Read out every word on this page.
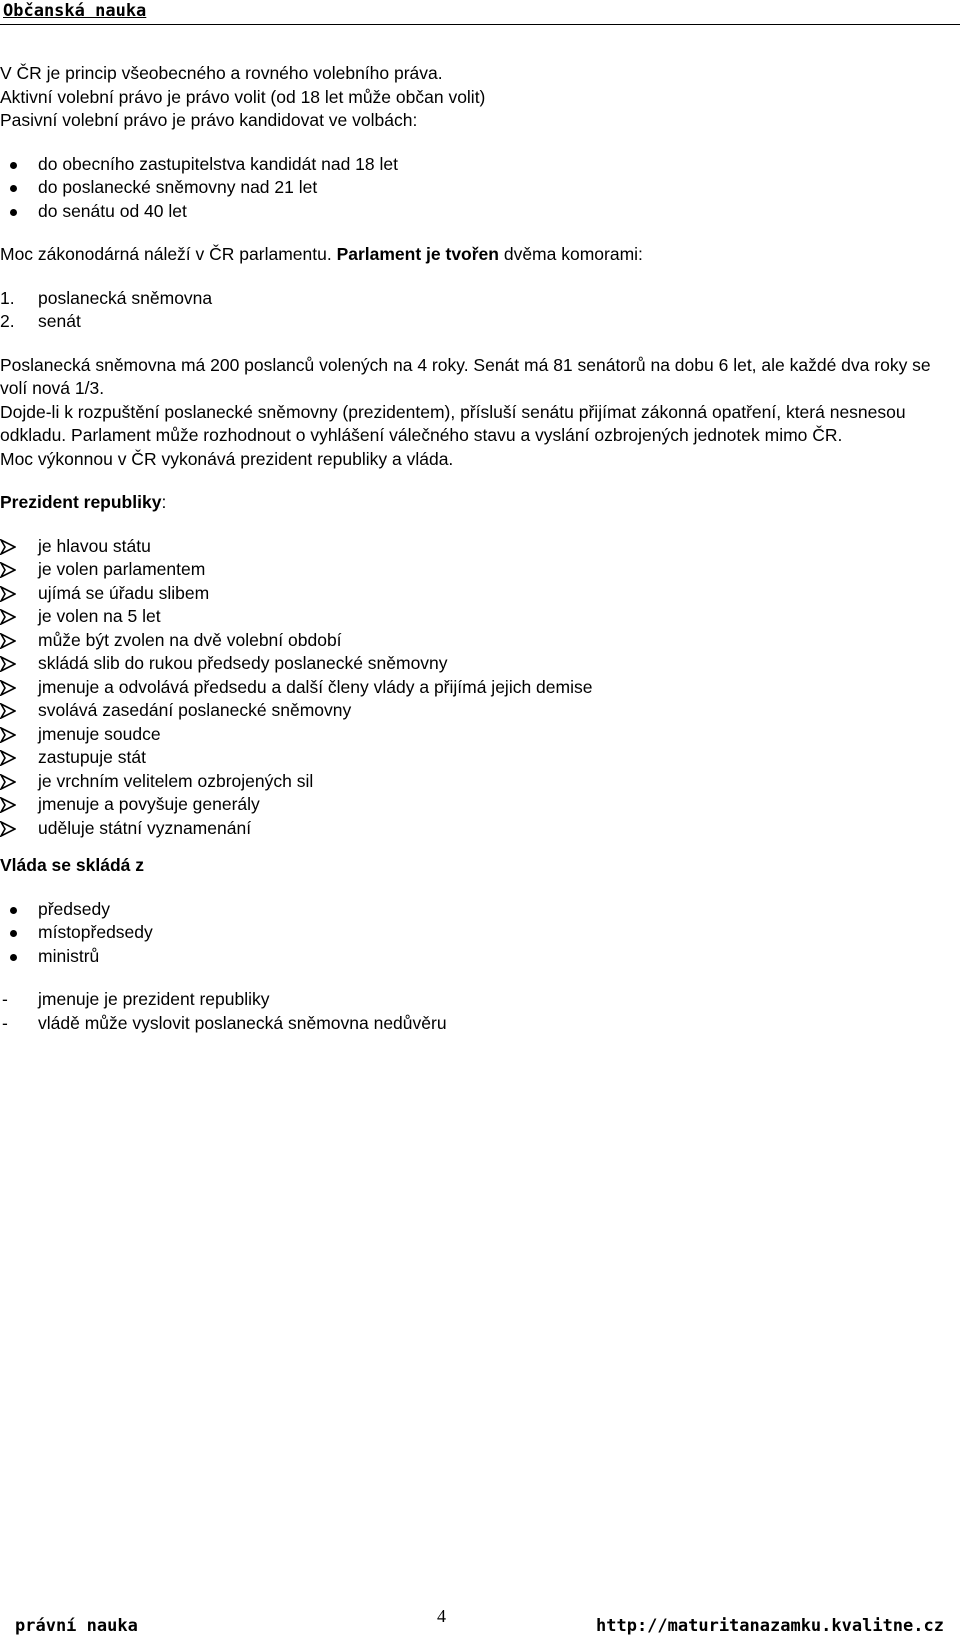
Občanská nauka

V ČR je princip všeobecného a rovného volebního práva.

Aktivní volební právo je právo volit (od 18 let může občan volit)

Pasivní volební právo je právo kandidovat ve volbách:

do obecního zastupitelstva kandidát nad 18 let
do poslanecké sněmovny nad 21 let
do senátu od 40 let

Moc zákonodárná náleží v ČR parlamentu. Parlament je tvořen dvěma komorami:

1. poslanecká sněmovna
2. senát

Poslanecká sněmovna má 200 poslanců volených na 4 roky. Senát má 81 senátorů na dobu 6 let, ale každé dva roky se volí nová 1/3.

Dojde-li k rozpuštění poslanecké sněmovny (prezidentem), přísluší senátu přijímat zákonná opatření, která nesnesou odkladu. Parlament může rozhodnout o vyhlášení válečného stavu a vyslání ozbrojených jednotek mimo ČR.

Moc výkonnou v ČR vykonává prezident republiky a vláda.

Prezident republiky:

je hlavou státu
je volen parlamentem
ujímá se úřadu slibem
je volen na 5 let
může být zvolen na dvě volební období
skládá slib do rukou předsedy poslanecké sněmovny
jmenuje a odvolává předsedu a další členy vlády a přijímá jejich demise
svolává zasedání poslanecké sněmovny
jmenuje soudce
zastupuje stát
je vrchním velitelem ozbrojených sil
jmenuje a povyšuje generály
uděluje státní vyznamenání

Vláda se skládá z

předsedy
místopředsedy
ministrů
- jmenuje je prezident republiky
- vládě může vyslovit poslanecká sněmovna nedůvěru
právní nauka	4	http://maturitanazamku.kvalitne.cz
